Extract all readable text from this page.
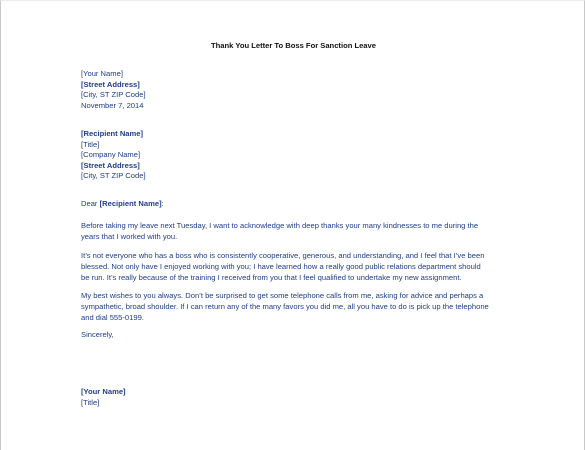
Thank You Letter To Boss For Sanction Leave
[Your Name]
[Street Address]
[City, ST ZIP Code]
November 7, 2014
[Recipient Name]
[Title]
[Company Name]
[Street Address]
[City, ST ZIP Code]
Dear [Recipient Name]:
Before taking my leave next Tuesday, I want to acknowledge with deep thanks your many kindnesses to me during the
years that I worked with you.
It’s not everyone who has a boss who is consistently cooperative, generous, and understanding, and I feel that I’ve been
blessed. Not only have I enjoyed working with you; I have learned how a really good public relations department should
be run. It’s really because of the training I received from you that I feel qualified to undertake my new assignment.
My best wishes to you always. Don’t be surprised to get some telephone calls from me, asking for advice and perhaps a
sympathetic, broad shoulder. If I can return any of the many favors you did me, all you have to do is pick up the telephone
and dial 555-0199.
Sincerely,
[Your Name]
[Title]
